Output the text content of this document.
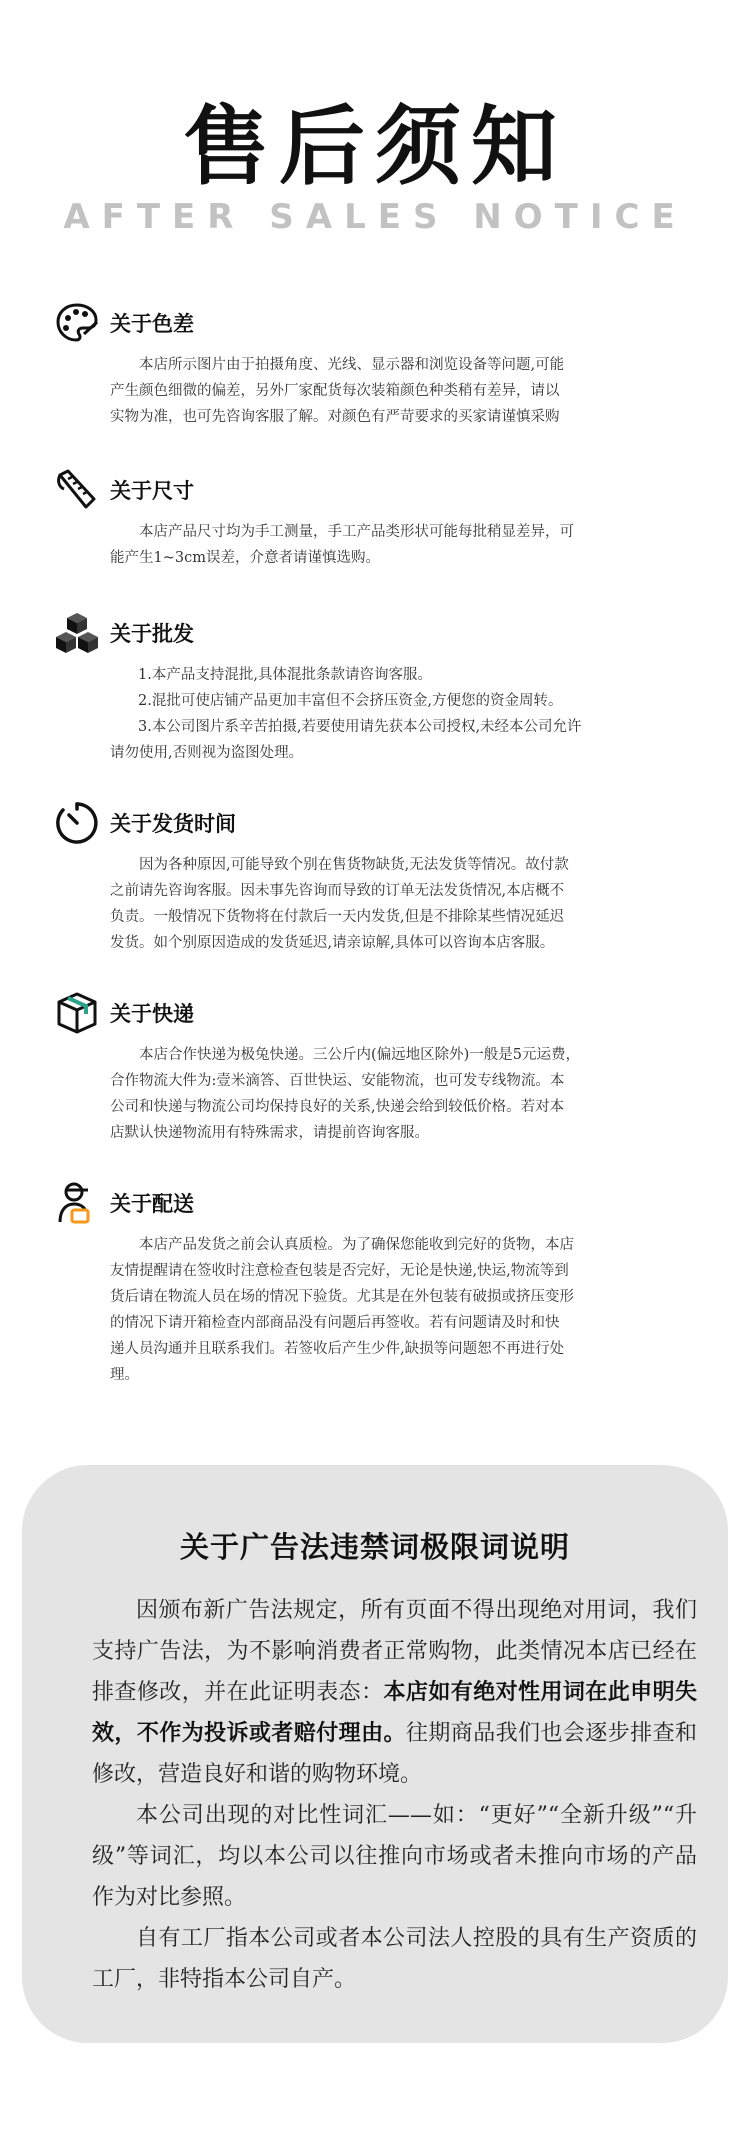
售后须知
AFTER SALES NOTICE
关于色差
本店所示图片由于拍摄角度、光线、显示器和浏览设备等问题,可能
产生颜色细微的偏差，另外厂家配货每次装箱颜色种类稍有差异，请以
实物为准，也可先咨询客服了解。对颜色有严苛要求的买家请谨慎采购
关于尺寸
本店产品尺寸均为手工测量，手工产品类形状可能每批稍显差异，可
能产生1~3cm误差，介意者请谨慎选购。
关于批发
1.本产品支持混批,具体混批条款请咨询客服。
2.混批可使店铺产品更加丰富但不会挤压资金,方便您的资金周转。
3.本公司图片系辛苦拍摄,若要使用请先获本公司授权,未经本公司允许
请勿使用,否则视为盗图处理。
关于发货时间
因为各种原因,可能导致个别在售货物缺货,无法发货等情况。故付款
之前请先咨询客服。因未事先咨询而导致的订单无法发货情况,本店概不
负责。一般情况下货物将在付款后一天内发货,但是不排除某些情况延迟
发货。如个别原因造成的发货延迟,请亲谅解,具体可以咨询本店客服。
关于快递
本店合作快递为极兔快递。三公斤内(偏远地区除外)一般是5元运费，
合作物流大件为:壹米滴答、百世快运、安能物流，也可发专线物流。本
公司和快递与物流公司均保持良好的关系,快递会给到较低价格。若对本
店默认快递物流用有特殊需求，请提前咨询客服。
关于配送
本店产品发货之前会认真质检。为了确保您能收到完好的货物，本店
友情提醒请在签收时注意检查包装是否完好，无论是快递,快运,物流等到
货后请在物流人员在场的情况下验货。尤其是在外包装有破损或挤压变形
的情况下请开箱检查内部商品没有问题后再签收。若有问题请及时和快
递人员沟通并且联系我们。若签收后产生少件,缺损等问题恕不再进行处
理。
关于广告法违禁词极限词说明

因颁布新广告法规定，所有页面不得出现绝对用词，我们支持广告法，为不影响消费者正常购物，此类情况本店已经在排查修改，并在此证明表态：本店如有绝对性用词在此申明失效，不作为投诉或者赔付理由。往期商品我们也会逐步排查和修改，营造良好和谐的购物环境。

本公司出现的对比性词汇——如：“更好”“全新升级”“升级”等词汇，均以本公司以往推向市场或者未推向市场的产品作为对比参照。

自有工厂指本公司或者本公司法人控股的具有生产资质的工厂，非特指本公司自产。
